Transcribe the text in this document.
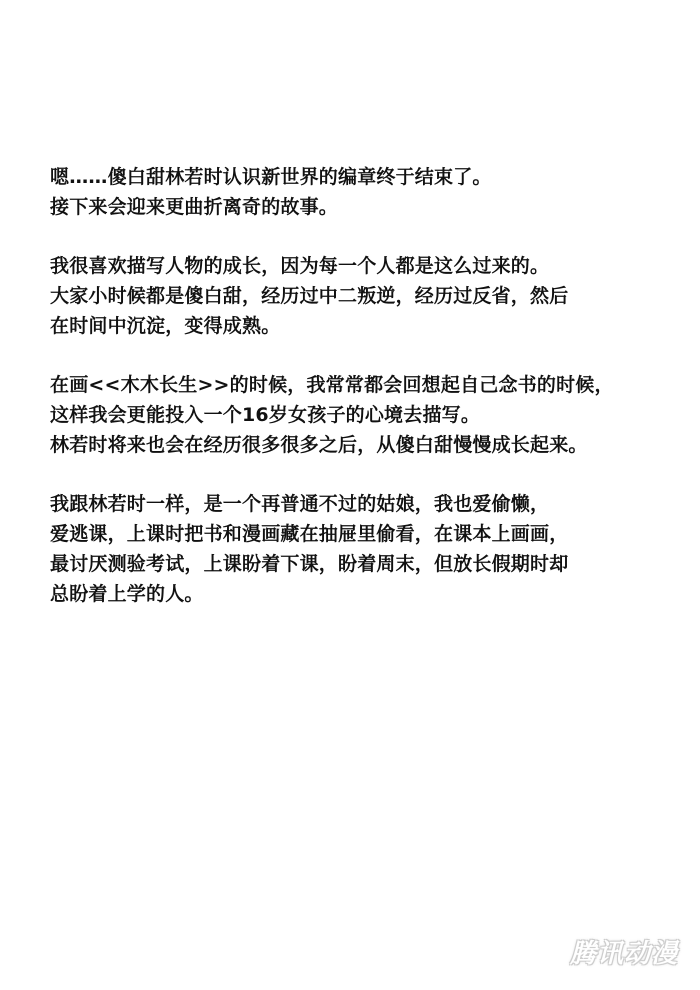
嗯……傻白甜林若时认识新世界的编章终于结束了。
接下来会迎来更曲折离奇的故事。

我很喜欢描写人物的成长，因为每一个人都是这么过来的。
大家小时候都是傻白甜，经历过中二叛逆，经历过反省，然后
在时间中沉淀，变得成熟。

在画<<木木长生>>的时候，我常常都会回想起自己念书的时候，
这样我会更能投入一个16岁女孩子的心境去描写。
林若时将来也会在经历很多很多之后，从傻白甜慢慢成长起来。

我跟林若时一样，是一个再普通不过的姑娘，我也爱偷懒，
爱逃课，上课时把书和漫画藏在抽屉里偷看，在课本上画画，
最讨厌测验考试，上课盼着下课，盼着周末，但放长假期时却
总盼着上学的人。

腾讯动漫
